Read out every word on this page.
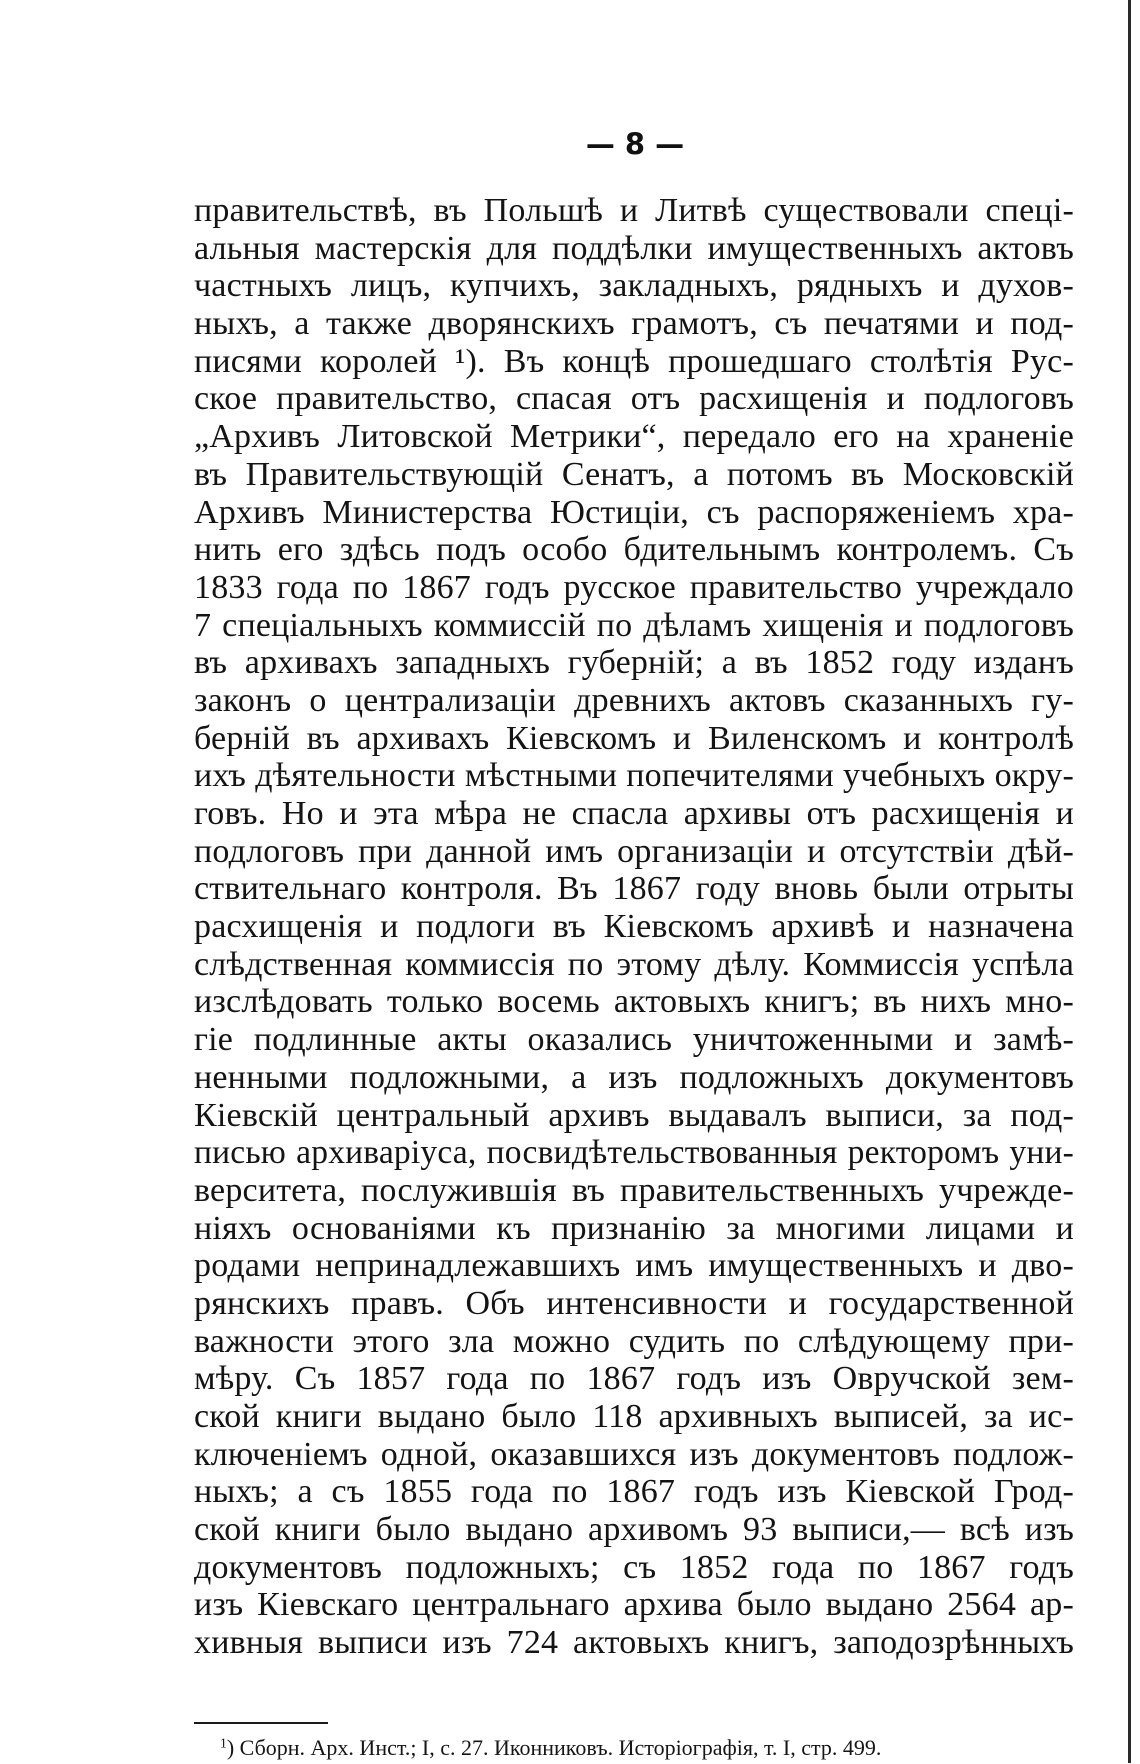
— 8 —
правительствѣ, въ Польшѣ и Литвѣ существовали спеці-
альныя мастерскія для поддѣлки имущественныхъ актовъ
частныхъ лицъ, купчихъ, закладныхъ, рядныхъ и духов-
ныхъ, а также дворянскихъ грамотъ, съ печатями и под-
писями королей ¹). Въ концѣ прошедшаго столѣтія Рус-
ское правительство, спасая отъ расхищенія и подлоговъ
„Архивъ Литовской Метрики“, передало его на храненіе
въ Правительствующій Сенатъ, а потомъ въ Московскій
Архивъ Министерства Юстиціи, съ распоряженіемъ хра-
нить его здѣсь подъ особо бдительнымъ контролемъ. Съ
1833 года по 1867 годъ русское правительство учреждало
7 спеціальныхъ коммиссій по дѣламъ хищенія и подлоговъ
въ архивахъ западныхъ губерній; а въ 1852 году изданъ
законъ о централизаціи древнихъ актовъ сказанныхъ гу-
берній въ архивахъ Кіевскомъ и Виленскомъ и контролѣ
ихъ дѣятельности мѣстными попечителями учебныхъ окру-
говъ. Но и эта мѣра не спасла архивы отъ расхищенія и
подлоговъ при данной имъ организаціи и отсутствіи дѣй-
ствительнаго контроля. Въ 1867 году вновь были отрыты
расхищенія и подлоги въ Кіевскомъ архивѣ и назначена
слѣдственная коммиссія по этому дѣлу. Коммиссія успѣла
изслѣдовать только восемь актовыхъ книгъ; въ нихъ мно-
гіе подлинные акты оказались уничтоженными и замѣ-
ненными подложными, а изъ подложныхъ документовъ
Кіевскій центральный архивъ выдавалъ выписи, за под-
писью архиваріуса, посвидѣтельствованныя ректоромъ уни-
верситета, послужившія въ правительственныхъ учрежде-
ніяхъ основаніями къ признанію за многими лицами и
родами непринадлежавшихъ имъ имущественныхъ и дво-
рянскихъ правъ. Объ интенсивности и государственной
важности этого зла можно судить по слѣдующему при-
мѣру. Съ 1857 года по 1867 годъ изъ Овручской зем-
ской книги выдано было 118 архивныхъ выписей, за ис-
ключеніемъ одной, оказавшихся изъ документовъ подлож-
ныхъ; а съ 1855 года по 1867 годъ изъ Кіевской Грод-
ской книги было выдано архивомъ 93 выписи,— всѣ изъ
документовъ подложныхъ; съ 1852 года по 1867 годъ
изъ Кіевскаго центральнаго архива было выдано 2564 ар-
хивныя выписи изъ 724 актовыхъ книгъ, заподозрѣнныхъ

$^1$) Сборн. Арх. Инст.; I, с. 27. Иконниковъ. Исторіографія, т. I, стр. 499.
